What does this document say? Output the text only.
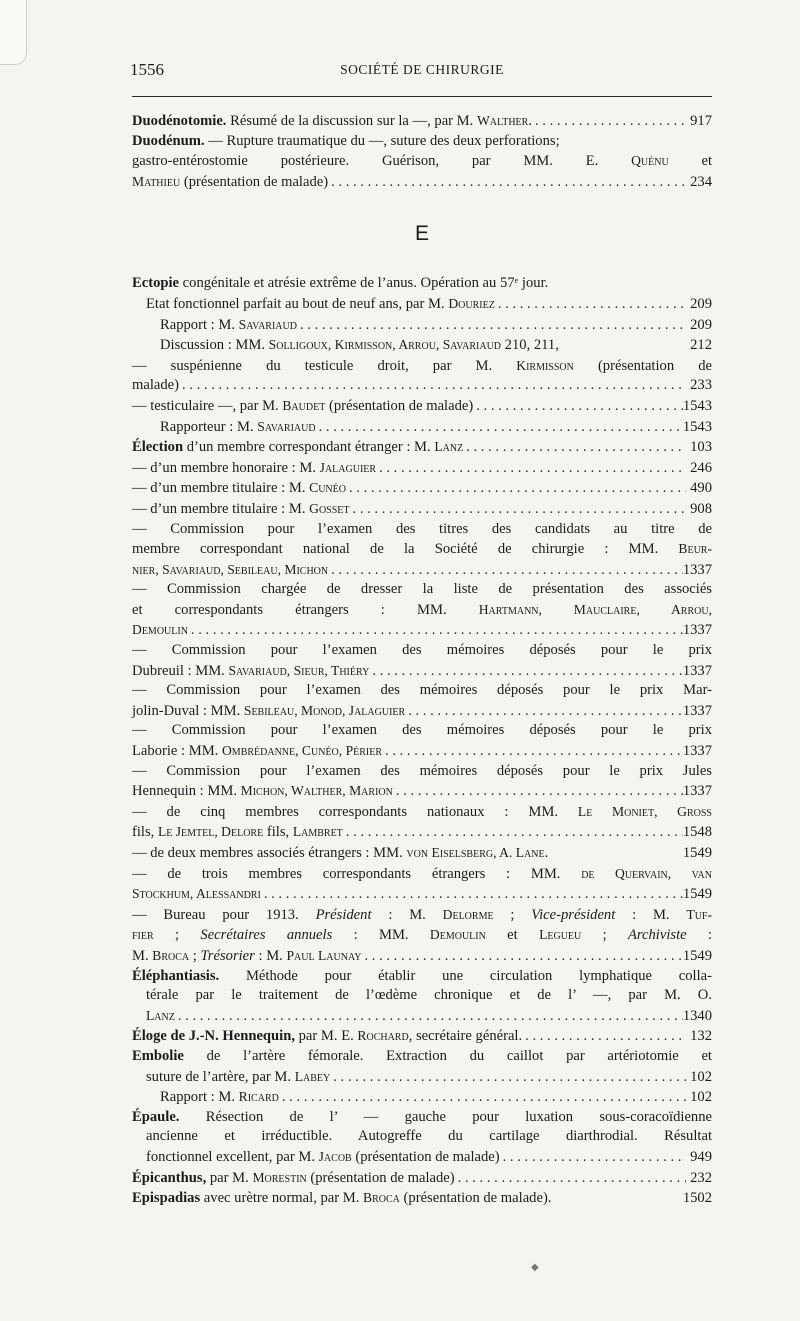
1556	SOCIÉTÉ DE CHIRURGIE
Duodénotomie. Résumé de la discussion sur la —, par M. Walther. . . .	917
Duodénum. — Rupture traumatique du —, suture des deux perforations;
gastro-entérostomie postérieure. Guérison, par MM. E. Quénu et
Mathieu (présentation de malade) . . .	234
E
Ectopie congénitale et atrésie extrême de l’anus. Opération au 57ᵉ jour.
Etat fonctionnel parfait au bout de neuf ans, par M. Douriez . . .	209
Rapport : M. Savariaud . . .	209
Discussion : MM. Solligoux, Kirmisson, Arrou, Savariaud 210, 211,	212
— suspénienne du testicule droit, par M. Kirmisson (présentation de
malade) . . .	233
— testiculaire —, par M. Baudet (présentation de malade) . . .	1543
Rapporteur : M. Savariaud . . .	1543
Élection d’un membre correspondant étranger : M. Lanz . . .	103
— d’un membre honoraire : M. Jalaguier . . .	246
— d’un membre titulaire : M. Cunéo . . .	490
— d’un membre titulaire : M. Gosset . . .	908
— Commission pour l’examen des titres des candidats au titre de
membre correspondant national de la Société de chirurgie : MM. Beur-
nier, Savariaud, Sebileau, Michon . . .	1337
— Commission chargée de dresser la liste de présentation des associés
et correspondants étrangers : MM. Hartmann, Mauclaire, Arrou,
Demoulin . . .	1337
— Commission pour l’examen des mémoires déposés pour le prix
Dubreuil : MM. Savariaud, Sieur, Thiéry . . .	1337
— Commission pour l’examen des mémoires déposés pour le prix Mar-
jolin-Duval : MM. Sebileau, Monod, Jalaguier . . .	1337
— Commission pour l’examen des mémoires déposés pour le prix
Laborie : MM. Ombrédanne, Cunéo, Périer . . .	1337
— Commission pour l’examen des mémoires déposés pour le prix Jules
Hennequin : MM. Michon, Walther, Marion . . .	1337
— de cinq membres correspondants nationaux : MM. Le Moniet, Gross
fils, Le Jemtel, Delore fils, Lambret . . .	1548
— de deux membres associés étrangers : MM. von Eiselsberg, A. Lane.	1549
— de trois membres correspondants étrangers : MM. de Quervain, van
Stockhum, Alessandri . . .	1549
— Bureau pour 1913. Président : M. Delorme ; Vice-président : M. Tuf-
fier ; Secrétaires annuels : MM. Demoulin et Legueu ; Archiviste :
M. Broca ; Trésorier : M. Paul Launay . . .	1549
Éléphantiasis. Méthode pour établir une circulation lymphatique colla-
térale par le traitement de l’œdème chronique et de l’ —, par M. O.
Lanz . . .	1340
Éloge de J.-N. Hennequin, par M. E. Rochard, secrétaire général. . . .	132
Embolie de l’artère fémorale. Extraction du caillot par artériotomie et
suture de l’artère, par M. Labey . . .	102
Rapport : M. Ricard . . .	102
Épaule. Résection de l’ — gauche pour luxation sous-coracoïdienne
ancienne et irréductible. Autogreffe du cartilage diarthrodial. Résultat
fonctionnel excellent, par M. Jacob (présentation de malade) . . .	949
Épicanthus, par M. Morestin (présentation de malade) . . .	232
Epispadias avec urètre normal, par M. Broca (présentation de malade).	1502
◆
